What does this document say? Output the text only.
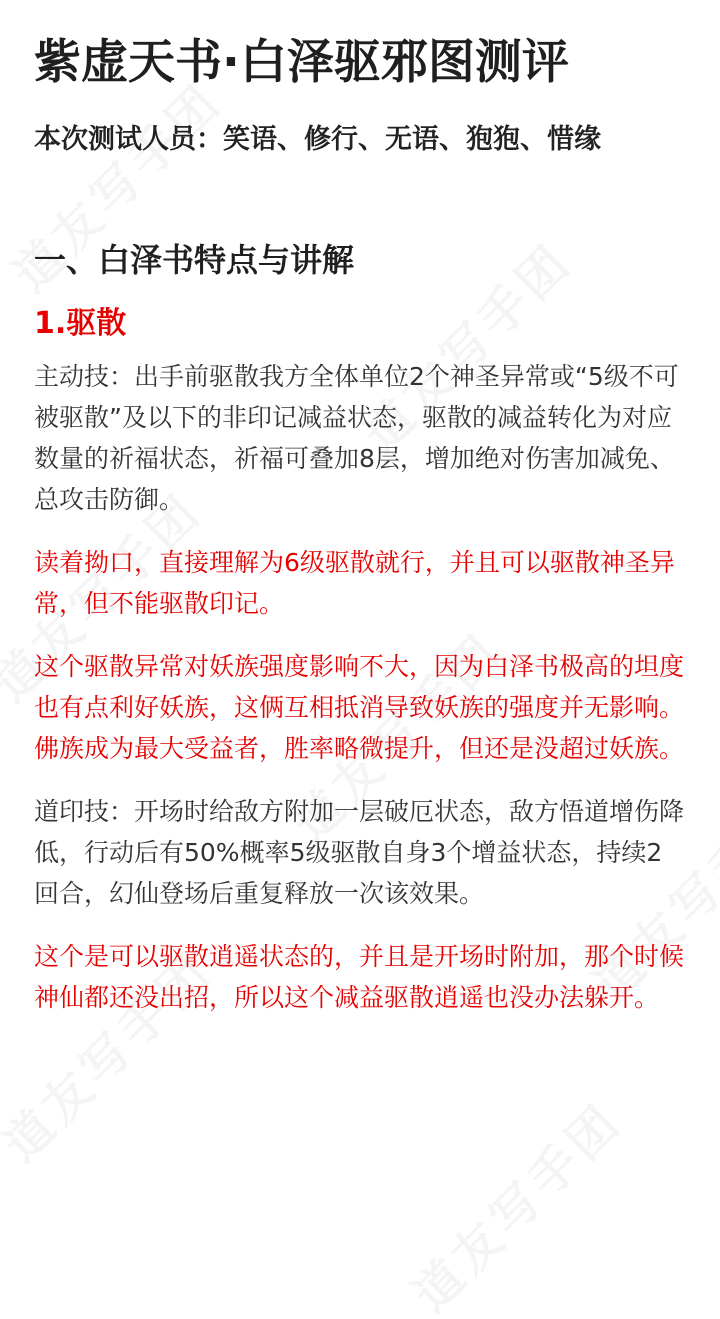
紫虚天书·白泽驱邪图测评
本次测试人员：笑语、修行、无语、狍狍、惜缘
一、白泽书特点与讲解
1.驱散

主动技：出手前驱散我方全体单位2个神圣异常或“5级不可被驱散”及以下的非印记减益状态，驱散的减益转化为对应数量的祈福状态，祈福可叠加8层，增加绝对伤害加减免、总攻击防御。

读着拗口，直接理解为6级驱散就行，并且可以驱散神圣异常，但不能驱散印记。

这个驱散异常对妖族强度影响不大，因为白泽书极高的坦度也有点利好妖族，这俩互相抵消导致妖族的强度并无影响。佛族成为最大受益者，胜率略微提升，但还是没超过妖族。

道印技：开场时给敌方附加一层破厄状态，敌方悟道增伤降低，行动后有50%概率5级驱散自身3个增益状态，持续2回合，幻仙登场后重复释放一次该效果。

这个是可以驱散逍遥状态的，并且是开场时附加，那个时候神仙都还没出招，所以这个减益驱散逍遥也没办法躲开。
